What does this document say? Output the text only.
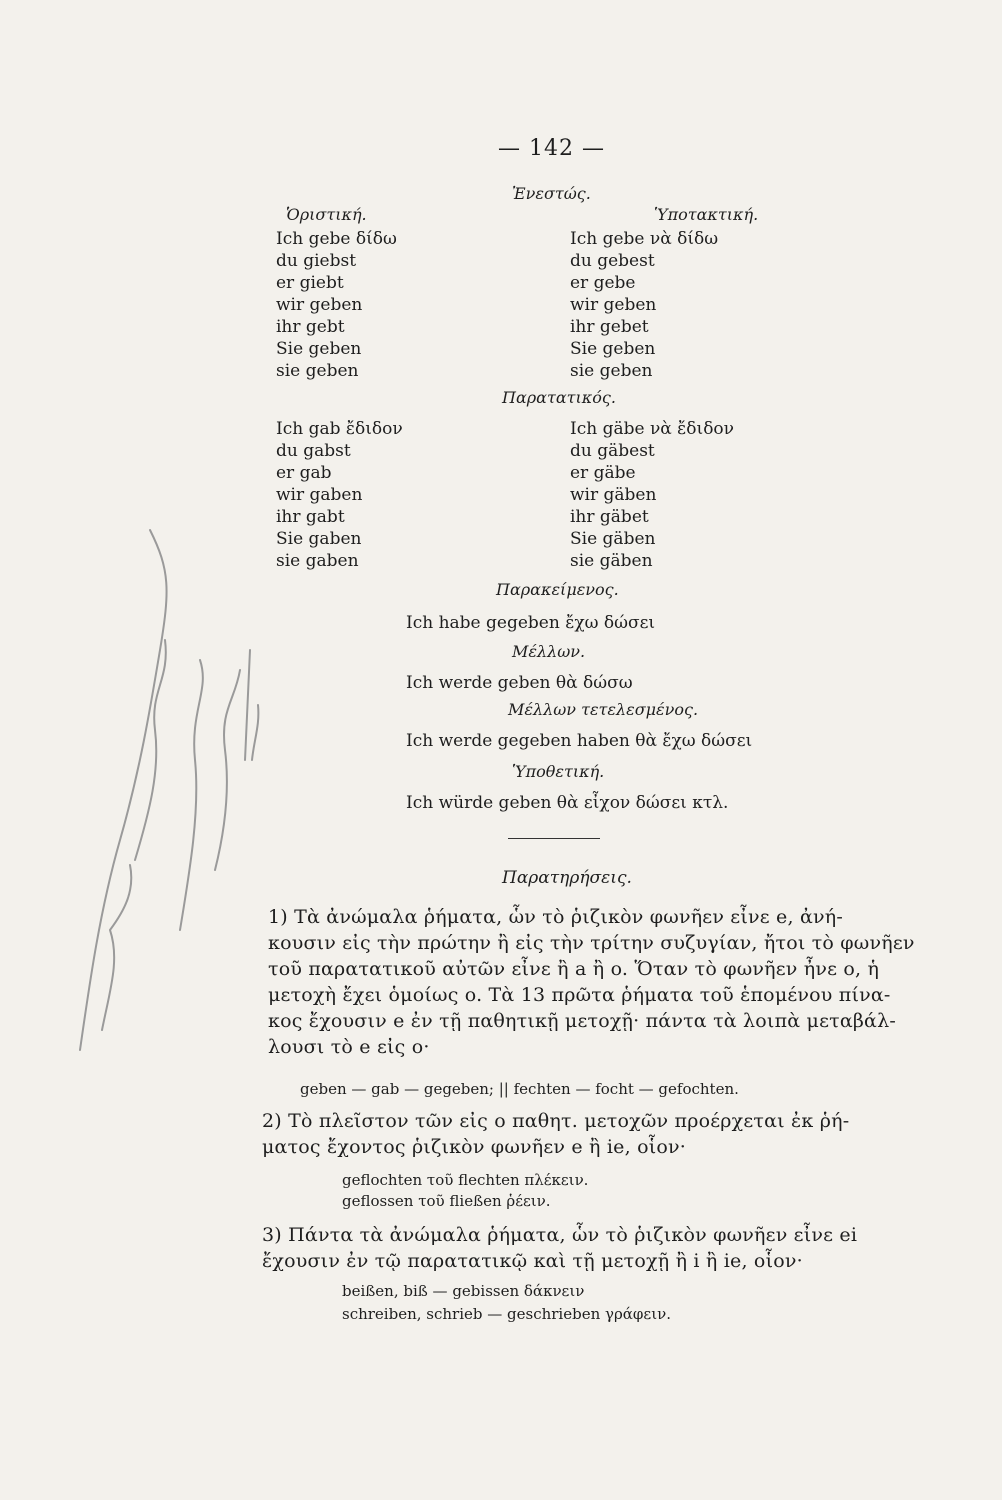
— 142 —
Ἐνεστώς.
Ὁριστική.	Ὑποτακτική.
Ich gebe δίδω
du giebst
er giebt
wir geben
ihr gebt
Sie geben
sie geben
Ich gebe νὰ δίδω
du gebest
er gebe
wir geben
ihr gebet
Sie geben
sie geben
Παρατατικός.
Ich gab ἔδιδον
du gabst
er gab
wir gaben
ihr gabt
Sie gaben
sie gaben
Ich gäbe νὰ ἔδιδον
du gäbest
er gäbe
wir gäben
ihr gäbet
Sie gäben
sie gäben
Παρακείμενος.
Ich habe gegeben ἔχω δώσει
Μέλλων.
Ich werde geben θὰ δώσω
Μέλλων τετελεσμένος.
Ich werde gegeben haben θὰ ἔχω δώσει
Ὑποθετική.
Ich würde geben θὰ εἶχον δώσει κτλ.
Παρατηρήσεις.
1) Τὰ ἀνώμαλα ῥήματα, ὧν τὸ ῥιζικὸν φωνῆεν εἶνε e, ἀνή-
κουσιν εἰς τὴν πρώτην ἢ εἰς τὴν τρίτην συζυγίαν, ἤτοι τὸ φωνῆεν
τοῦ παρατατικοῦ αὐτῶν εἶνε ἢ a ἢ o. Ὅταν τὸ φωνῆεν ἦνε o, ἡ
μετοχὴ ἔχει ὁμοίως o. Τὰ 13 πρῶτα ῥήματα τοῦ ἑπομένου πίνα-
κος ἔχουσιν e ἐν τῇ παθητικῇ μετοχῇ· πάντα τὰ λοιπὰ μεταβάλ-
λουσι τὸ e εἰς o·
geben — gab — gegeben; || fechten — focht — gefochten.
2) Τὸ πλεῖστον τῶν εἰς o παθητ. μετοχῶν προέρχεται ἐκ ῥή-
ματος ἔχοντος ῥιζικὸν φωνῆεν e ἢ ie, οἷον·
geflochten τοῦ flechten πλέκειν.
geflossen τοῦ fließen ῥέειν.
3) Πάντα τὰ ἀνώμαλα ῥήματα, ὧν τὸ ῥιζικὸν φωνῆεν εἶνε ei
ἔχουσιν ἐν τῷ παρατατικῷ καὶ τῇ μετοχῇ ἢ i ἢ ie, οἷον·
beißen, biß — gebissen δάκνειν
schreiben, schrieb — geschrieben γράφειν.
